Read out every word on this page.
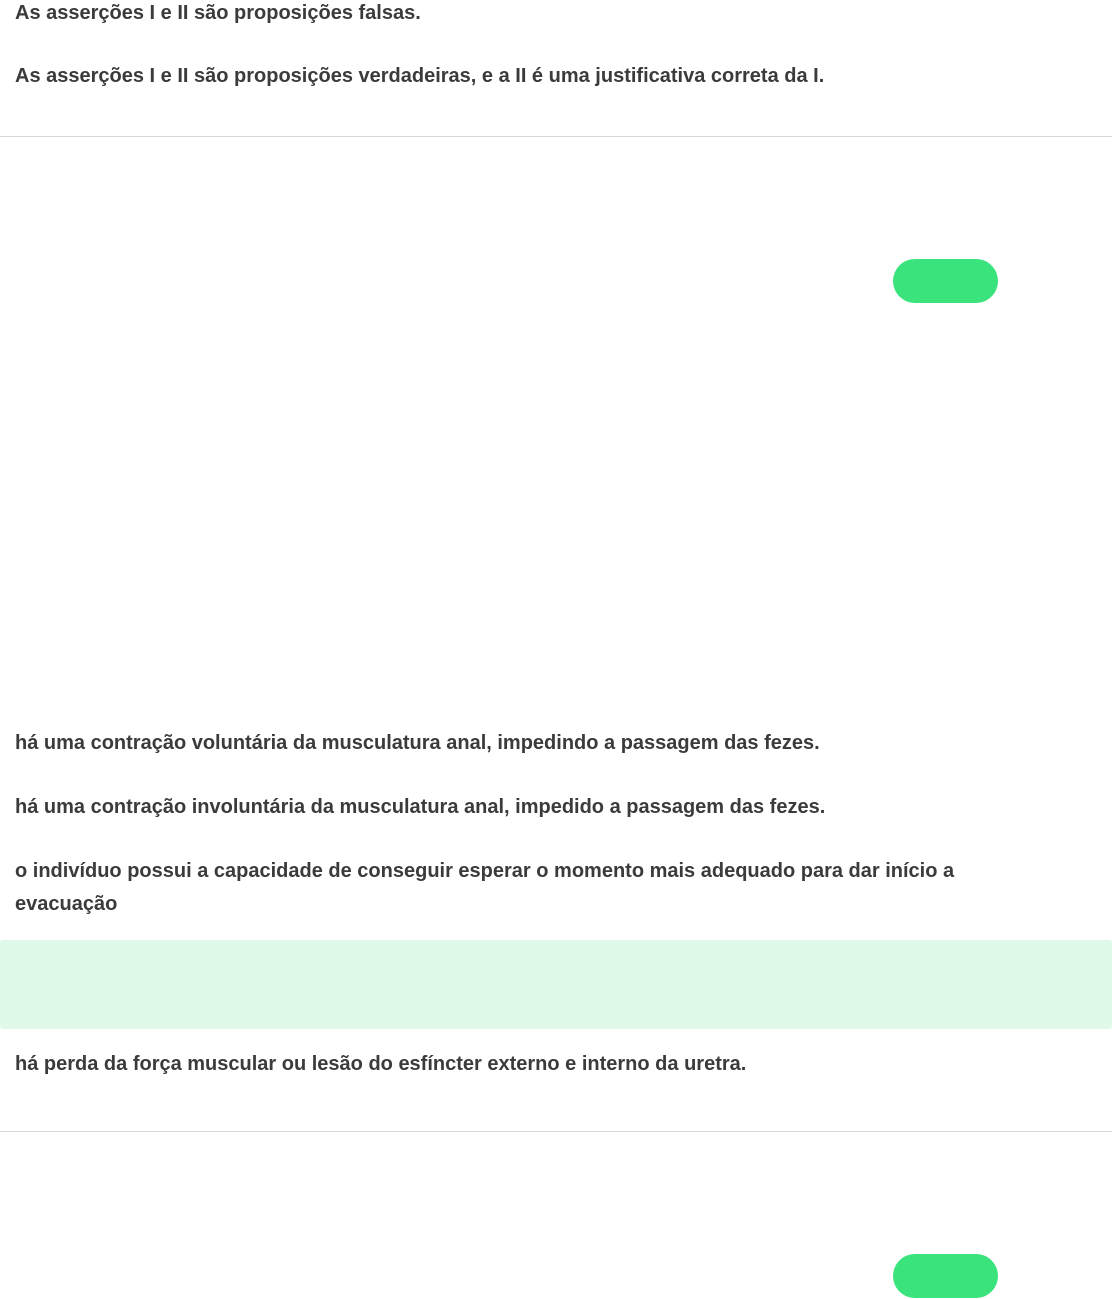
As asserções I e II são proposições falsas.

As asserções I e II são proposições verdadeiras, e a II é uma justificativa correta da I.

há uma contração voluntária da musculatura anal, impedindo a passagem das fezes.

há uma contração involuntária da musculatura anal, impedido a passagem das fezes.

o indivíduo possui a capacidade de conseguir esperar o momento mais adequado para dar início a evacuação

há perda da força muscular ou lesão do esfíncter externo e interno da uretra.
